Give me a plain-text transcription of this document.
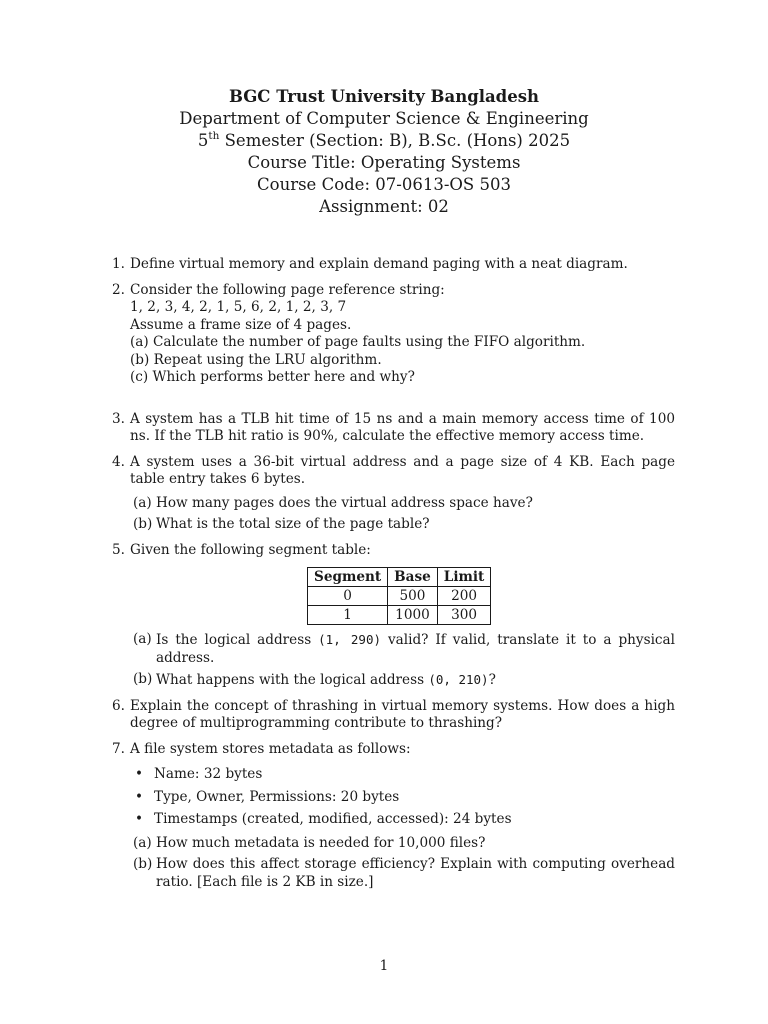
BGC Trust University Bangladesh
Department of Computer Science & Engineering
5th Semester (Section: B), B.Sc. (Hons) 2025
Course Title: Operating Systems
Course Code: 07-0613-OS 503
Assignment: 02
1. Define virtual memory and explain demand paging with a neat diagram.
2. Consider the following page reference string:
1, 2, 3, 4, 2, 1, 5, 6, 2, 1, 2, 3, 7
Assume a frame size of 4 pages.
(a) Calculate the number of page faults using the FIFO algorithm.
(b) Repeat using the LRU algorithm.
(c) Which performs better here and why?
3. A system has a TLB hit time of 15 ns and a main memory access time of 100 ns. If the TLB hit ratio is 90%, calculate the effective memory access time.
4. A system uses a 36-bit virtual address and a page size of 4 KB. Each page table entry takes 6 bytes.
(a) How many pages does the virtual address space have?
(b) What is the total size of the page table?
5. Given the following segment table:
Segment	Base	Limit
0	500	200
1	1000	300
(a) Is the logical address (1, 290) valid? If valid, translate it to a physical address.
(b) What happens with the logical address (0, 210)?
6. Explain the concept of thrashing in virtual memory systems. How does a high degree of multiprogramming contribute to thrashing?
7. A file system stores metadata as follows:
• Name: 32 bytes
• Type, Owner, Permissions: 20 bytes
• Timestamps (created, modified, accessed): 24 bytes
(a) How much metadata is needed for 10,000 files?
(b) How does this affect storage efficiency? Explain with computing overhead ratio. [Each file is 2 KB in size.]
1
